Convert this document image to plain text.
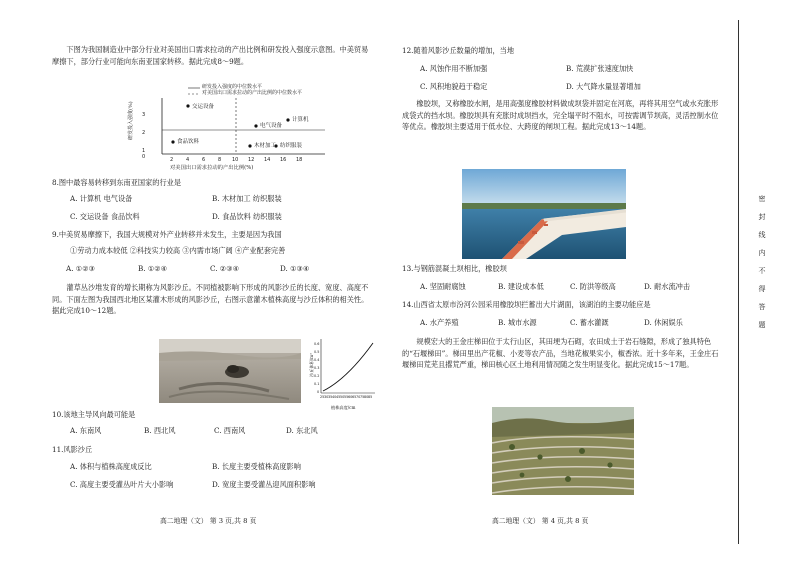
下图为我国制造业中部分行业对美国出口需求拉动的产出比例和研发投入强度示意图。中美贸易摩擦下，部分行业可能向东南亚国家转移。据此完成8～9题。
0
1
2
3
2	4	6	8 10 12 14 16 18
研发投入强度的中位数水平
对美国出口需求拉动的产出比例的中位数水平
交运设备
电气设备
计算机
食品饮料
木材加工 纺织服装
对美国出口需求拉动的产出比例(%)
研发投入强度(%)
8.图中最容易转移到东南亚国家的行业是
A. 计算机 电气设备	B. 木材加工 纺织服装
C. 交运设备 食品饮料	D. 食品饮料 纺织服装
9.中美贸易摩擦下，我国大规模对外产业转移并未发生，主要是因为我国
①劳动力成本较低 ②科技实力较高 ③内需市场广阔 ④产业配套完善
A. ①②③	B. ①②④	C. ②③④	D. ①③④
灌草丛沙堆发育的增长期称为风影沙丘。不同植被影响下形成的风影沙丘的长度、宽度、高度不同。下面左图为我国西北地区某灌木形成的风影沙丘，右图示意灌木植株高度与沙丘体积的相关性。据此完成10～12题。
0.6
0.5
0.4
0.3
0.2
0.1
0
25 30 35 40 45 50 55 60 65 70 75 80 85
植株高度/cm
沙丘体积/m³
10.该地主导风向最可能是
A. 东南风	B. 西北风	C. 西南风	D. 东北风
11.风影沙丘
A. 体积与植株高度成反比	B. 长度主要受植株高度影响
C. 高度主要受灌丛叶片大小影响	D. 宽度主要受灌丛迎风面积影响
高二地理（文） 第 3 页,共 8 页
12.随着风影沙丘数量的增加，当地
A. 风蚀作用不断加强	B. 荒漠扩张速度加快
C. 风积地貌趋于稳定	D. 大气降水量显著增加
橡胶坝，又称橡胶水闸，是用高强度橡胶材料做成坝袋并固定在河底，再将其用空气或水充胀形成袋式的挡水坝。橡胶坝具有充胀时成坝挡水，完全塌平时不阻水，可按需调节坝高，灵活控制水位等优点。橡胶坝主要适用于低水位、大跨度的闸坝工程。据此完成13～14题。
13.与钢筋混凝土坝相比，橡胶坝
A. 坚固耐腐蚀	B. 建设成本低	C. 防洪等级高	D. 耐水流冲击
14.山西省太原市汾河公园采用橡胶坝拦蓄出大片湖面，该湖泊的主要功能应是
A. 水产养殖	B. 城市水源	C. 蓄水灌溉	D. 休闲娱乐
规模宏大的王金庄梯田位于太行山区，其田埂为石砌，农田成土于岩石缝隙，形成了独具特色的“石堰梯田”。梯田里出产花椒、小麦等农产品，当地花椒果实小，椒香浓。近十多年来，王金庄石堰梯田荒芜且撂荒严重，梯田核心区土地利用情况随之发生明显变化。据此完成15～17题。
高二地理（文） 第 4 页,共 8 页
密
封
线
内
不
得
答
题
